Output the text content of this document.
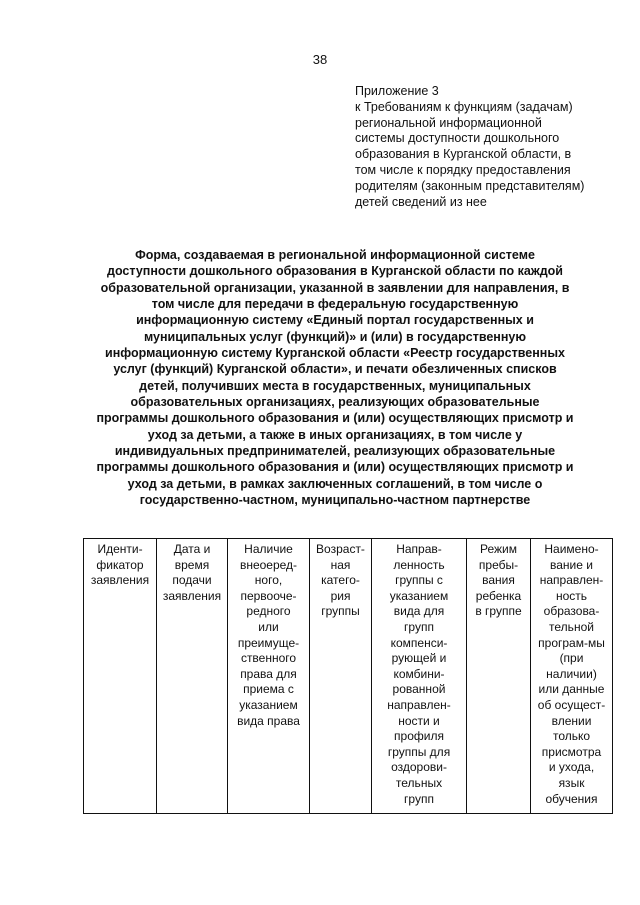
38
Приложение 3
к Требованиям к функциям (задачам)
региональной информационной
системы доступности дошкольного
образования в Курганской области, в
том числе к порядку предоставления
родителям (законным представителям)
детей сведений из нее
Форма, создаваемая в региональной информационной системе
доступности дошкольного образования в Курганской области по каждой
образовательной организации, указанной в заявлении для направления, в
том числе для передачи в федеральную государственную
информационную систему «Единый портал государственных и
муниципальных услуг (функций)» и (или) в государственную
информационную систему Курганской области «Реестр государственных
услуг (функций) Курганской области», и печати обезличенных списков
детей, получивших места в государственных, муниципальных
образовательных организациях, реализующих образовательные
программы дошкольного образования и (или) осуществляющих присмотр и
уход за детьми, а также в иных организациях, в том числе у
индивидуальных предпринимателей, реализующих образовательные
программы дошкольного образования и (или) осуществляющих присмотр и
уход за детьми, в рамках заключенных соглашений, в том числе о
государственно-частном, муниципально-частном партнерстве
Иденти-
фикатор
заявления

Дата и
время
подачи
заявления

Наличие
внеоеред-
ного,
первооче-
редного
или
преимуще-
ственного
права для
приема с
указанием
вида права

Возраст-
ная
катего-
рия
группы

Направ-
ленность
группы с
указанием
вида для
групп
компенси-
рующей и
комбини-
рованной
направлен-
ности и
профиля
группы для
оздорови-
тельных
групп

Режим
пребы-
вания
ребенка
в группе

Наимено-
вание и
направлен-
ность
образова-
тельной
програм-мы
(при
наличии)
или данные
об осущест-
влении
только
присмотра
и ухода,
язык
обучения
